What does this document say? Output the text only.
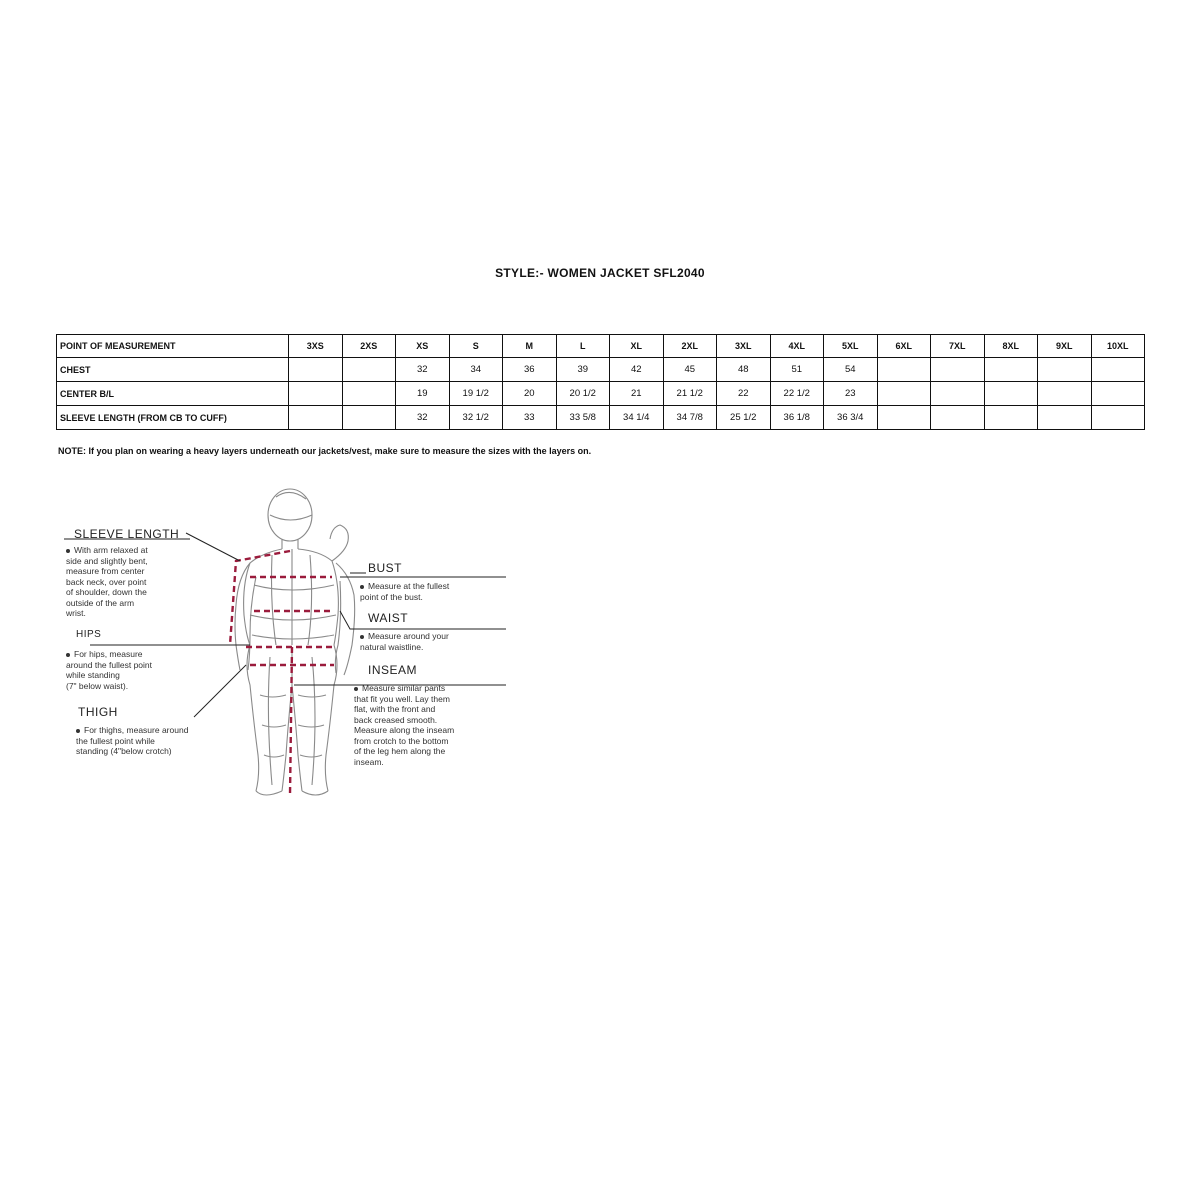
STYLE:- WOMEN JACKET SFL2040
POINT OF MEASUREMENT	3XS	2XS	XS	S	M	L	XL	2XL	3XL	4XL	5XL	6XL	7XL	8XL	9XL	10XL
CHEST			32	34	36	39	42	45	48	51	54					
CENTER B/L			19	19 1/2	20	20 1/2	21	21 1/2	22	22 1/2	23					
SLEEVE LENGTH (FROM CB TO CUFF)			32	32 1/2	33	33 5/8	34 1/4	34 7/8	25 1/2	36 1/8	36 3/4					
NOTE: If you plan on wearing a heavy layers underneath our jackets/vest, make sure to measure the sizes with the layers on.
SLEEVE LENGTH

With arm relaxed at

side and slightly bent,

measure from center

back neck, over point

of shoulder, down the

outside of the arm

wrist.

HIPS

For hips, measure

around the fullest point

while standing

(7" below waist).

THIGH

For thighs, measure around

the fullest point while

standing (4"below crotch)

BUST

Measure at the fullest

point of the bust.

WAIST

Measure around your

natural waistline.

INSEAM

Measure similar pants

that fit you well. Lay them

flat, with the front and

back creased smooth.

Measure along the inseam

from crotch to the bottom

of the leg hem along the

inseam.
